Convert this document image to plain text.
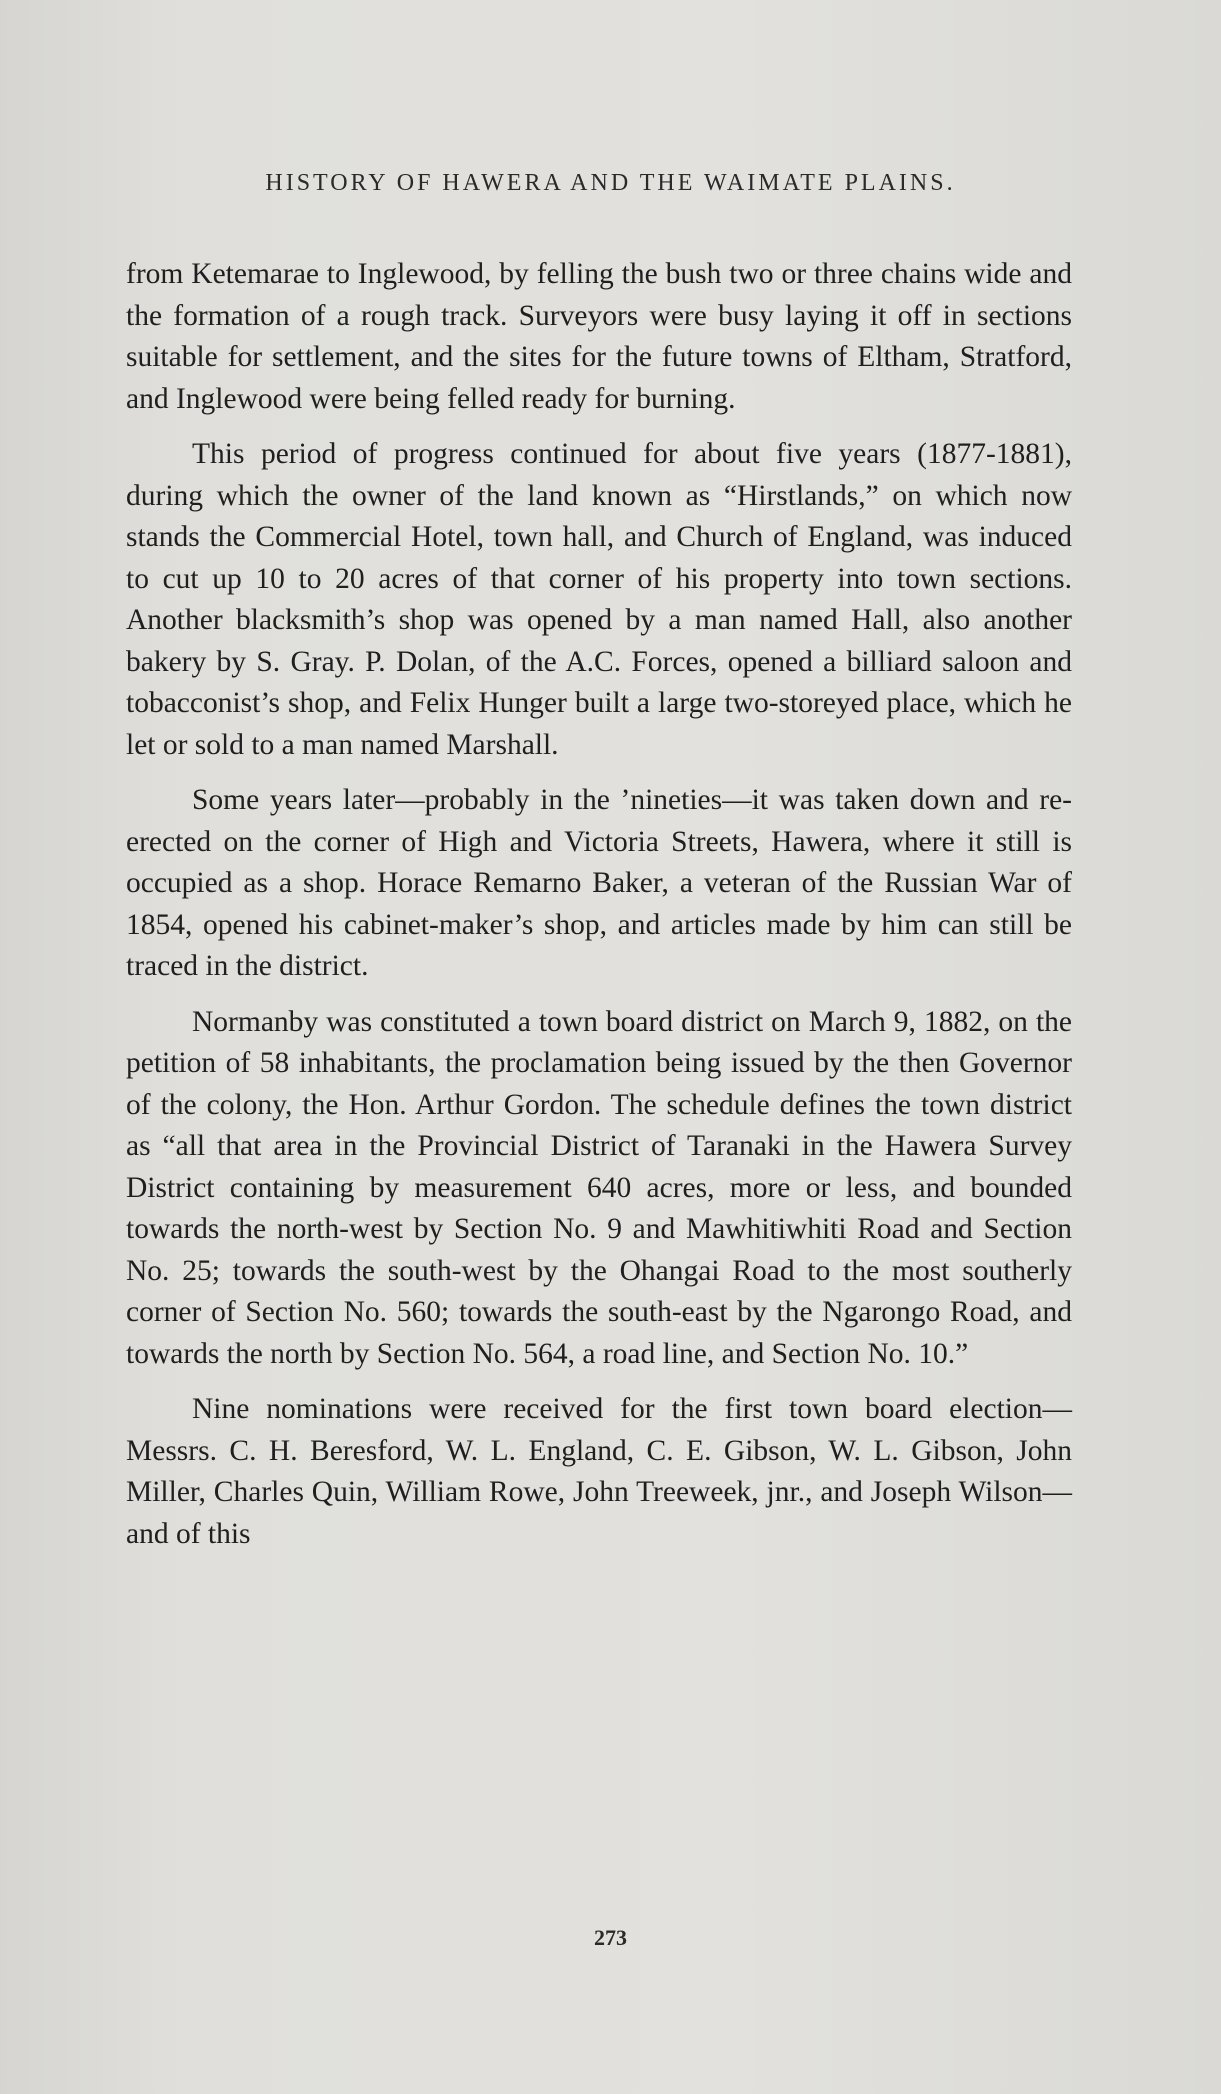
HISTORY OF HAWERA AND THE WAIMATE PLAINS.

from Ketemarae to Inglewood, by felling the bush two or three chains wide and the formation of a rough track. Surveyors were busy laying it off in sections suitable for settlement, and the sites for the future towns of Eltham, Stratford, and Inglewood were being felled ready for burning.

This period of progress continued for about five years (1877-1881), during which the owner of the land known as “Hirstlands,” on which now stands the Commercial Hotel, town hall, and Church of England, was induced to cut up 10 to 20 acres of that corner of his property into town sections. Another blacksmith’s shop was opened by a man named Hall, also another bakery by S. Gray. P. Dolan, of the A.C. Forces, opened a billiard saloon and tobacconist’s shop, and Felix Hunger built a large two-storeyed place, which he let or sold to a man named Marshall.

Some years later—probably in the ’nineties—it was taken down and re-erected on the corner of High and Victoria Streets, Hawera, where it still is occupied as a shop. Horace Remarno Baker, a veteran of the Russian War of 1854, opened his cabinet-maker’s shop, and articles made by him can still be traced in the district.

Normanby was constituted a town board district on March 9, 1882, on the petition of 58 inhabitants, the proclamation being issued by the then Governor of the colony, the Hon. Arthur Gordon. The schedule defines the town district as “all that area in the Provincial District of Taranaki in the Hawera Survey District containing by measurement 640 acres, more or less, and bounded towards the north-west by Section No. 9 and Mawhitiwhiti Road and Section No. 25; towards the south-west by the Ohangai Road to the most southerly corner of Section No. 560; towards the south-east by the Ngarongo Road, and towards the north by Section No. 564, a road line, and Section No. 10.”

Nine nominations were received for the first town board election—Messrs. C. H. Beresford, W. L. England, C. E. Gibson, W. L. Gibson, John Miller, Charles Quin, William Rowe, John Treeweek, jnr., and Joseph Wilson—and of this

273
